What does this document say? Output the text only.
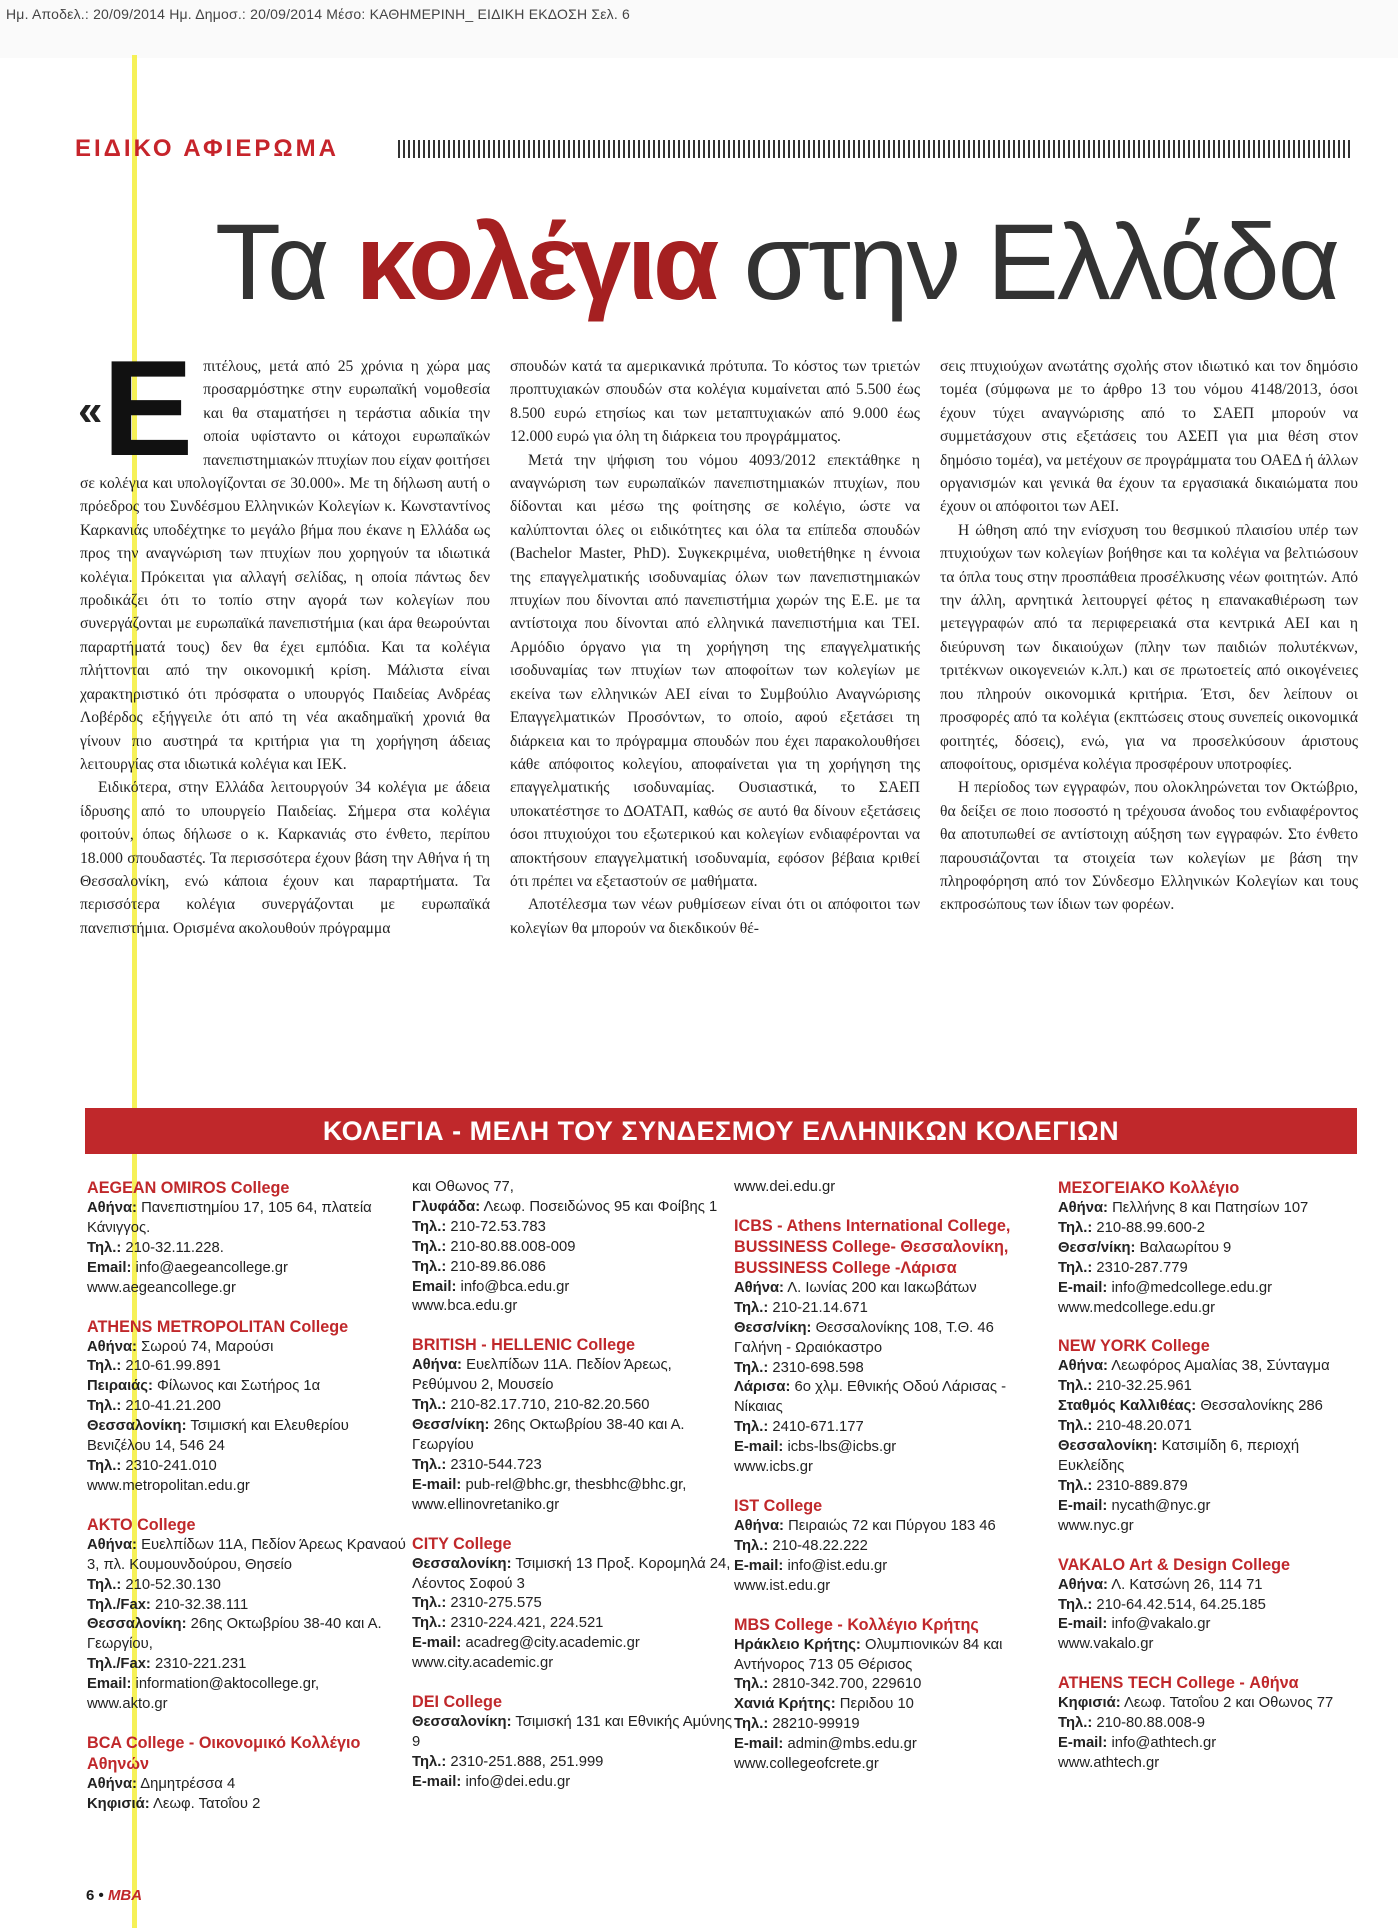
Ημ. Αποδελ.: 20/09/2014 Ημ. Δημοσ.: 20/09/2014 Μέσο: ΚΑΘΗΜΕΡΙΝΗ_ ΕΙΔΙΚΗ ΕΚΔΟΣΗ Σελ. 6
ΕΙΔΙΚΟ ΑΦΙΕΡΩΜΑ
Τα κολέγια στην Ελλάδα
« Ε πιτέλους, μετά από 25 χρόνια η χώρα μας προσαρμόστηκε στην ευρωπαϊκή νομοθεσία και θα σταματήσει η τεράστια αδικία την οποία υφίσταντο οι κάτοχοι ευρωπαϊκών πανεπιστημιακών πτυχίων που είχαν φοιτήσει σε κολέγια και υπολογίζονται σε 30.000». Με τη δήλωση αυτή ο πρόεδρος του Συνδέσμου Ελληνικών Κολεγίων κ. Κωνσταντίνος Καρκανιάς υποδέχτηκε το μεγάλο βήμα που έκανε η Ελλάδα ως προς την αναγνώριση των πτυχίων που χορηγούν τα ιδιωτικά κολέγια. Πρόκειται για αλλαγή σελίδας, η οποία πάντως δεν προδικάζει ότι το τοπίο στην αγορά των κολεγίων που συνεργάζονται με ευρωπαϊκά πανεπιστήμια (και άρα θεωρούνται παραρτήματά τους) δεν θα έχει εμπόδια. Και τα κολέγια πλήττονται από την οικονομική κρίση. Μάλιστα είναι χαρακτηριστικό ότι πρόσφατα ο υπουργός Παιδείας Ανδρέας Λοβέρδος εξήγγειλε ότι από τη νέα ακαδημαϊκή χρονιά θα γίνουν πιο αυστηρά τα κριτήρια για τη χορήγηση άδειας λειτουργίας στα ιδιωτικά κολέγια και ΙΕΚ.

Ειδικότερα, στην Ελλάδα λειτουργούν 34 κολέγια με άδεια ίδρυσης από το υπουργείο Παιδείας. Σήμερα στα κολέγια φοιτούν, όπως δήλωσε ο κ. Καρκανιάς στο ένθετο, περίπου 18.000 σπουδαστές. Τα περισσότερα έχουν βάση την Αθήνα ή τη Θεσσαλονίκη, ενώ κάποια έχουν και παραρτήματα. Τα περισσότερα κολέγια συνεργάζονται με ευρωπαϊκά πανεπιστήμια. Ορισμένα ακολουθούν πρόγραμμα

σπουδών κατά τα αμερικανικά πρότυπα. Το κόστος των τριετών προπτυχιακών σπουδών στα κολέγια κυμαίνεται από 5.500 έως 8.500 ευρώ ετησίως και των μεταπτυχιακών από 9.000 έως 12.000 ευρώ για όλη τη διάρκεια του προγράμματος.

Μετά την ψήφιση του νόμου 4093/2012 επεκτάθηκε η αναγνώριση των ευρωπαϊκών πανεπιστημιακών πτυχίων, που δίδονται και μέσω της φοίτησης σε κολέγιο, ώστε να καλύπτονται όλες οι ειδικότητες και όλα τα επίπεδα σπουδών (Bachelor Master, PhD). Συγκεκριμένα, υιοθετήθηκε η έννοια της επαγγελματικής ισοδυναμίας όλων των πανεπιστημιακών πτυχίων που δίνονται από πανεπιστήμια χωρών της Ε.Ε. με τα αντίστοιχα που δίνονται από ελληνικά πανεπιστήμια και ΤΕΙ. Αρμόδιο όργανο για τη χορήγηση της επαγγελματικής ισοδυναμίας των πτυχίων των αποφοίτων των κολεγίων με εκείνα των ελληνικών ΑΕΙ είναι το Συμβούλιο Αναγνώρισης Επαγγελματικών Προσόντων, το οποίο, αφού εξετάσει τη διάρκεια και το πρόγραμμα σπουδών που έχει παρακολουθήσει κάθε απόφοιτος κολεγίου, αποφαίνεται για τη χορήγηση της επαγγελματικής ισοδυναμίας. Ουσιαστικά, το ΣΑΕΠ υποκατέστησε το ΔΟΑΤΑΠ, καθώς σε αυτό θα δίνουν εξετάσεις όσοι πτυχιούχοι του εξωτερικού και κολεγίων ενδιαφέρονται να αποκτήσουν επαγγελματική ισοδυναμία, εφόσον βέβαια κριθεί ότι πρέπει να εξεταστούν σε μαθήματα.

Αποτέλεσμα των νέων ρυθμίσεων είναι ότι οι απόφοιτοι των κολεγίων θα μπορούν να διεκδικούν θέ-

σεις πτυχιούχων ανωτάτης σχολής στον ιδιωτικό και τον δημόσιο τομέα (σύμφωνα με το άρθρο 13 του νόμου 4148/2013, όσοι έχουν τύχει αναγνώρισης από το ΣΑΕΠ μπορούν να συμμετάσχουν στις εξετάσεις του ΑΣΕΠ για μια θέση στον δημόσιο τομέα), να μετέχουν σε προγράμματα του ΟΑΕΔ ή άλλων οργανισμών και γενικά θα έχουν τα εργασιακά δικαιώματα που έχουν οι απόφοιτοι των ΑΕΙ.

Η ώθηση από την ενίσχυση του θεσμικού πλαισίου υπέρ των πτυχιούχων των κολεγίων βοήθησε και τα κολέγια να βελτιώσουν τα όπλα τους στην προσπάθεια προσέλκυσης νέων φοιτητών. Από την άλλη, αρνητικά λειτουργεί φέτος η επανακαθιέρωση των μετεγγραφών από τα περιφερειακά στα κεντρικά ΑΕΙ και η διεύρυνση των δικαιούχων (πλην των παιδιών πολυτέκνων, τριτέκνων οικογενειών κ.λπ.) και σε πρωτοετείς από οικογένειες που πληρούν οικονομικά κριτήρια. Έτσι, δεν λείπουν οι προσφορές από τα κολέγια (εκπτώσεις στους συνεπείς οικονομικά φοιτητές, δόσεις), ενώ, για να προσελκύσουν άριστους αποφοίτους, ορισμένα κολέγια προσφέρουν υποτροφίες.

Η περίοδος των εγγραφών, που ολοκληρώνεται τον Οκτώβριο, θα δείξει σε ποιο ποσοστό η τρέχουσα άνοδος του ενδιαφέροντος θα αποτυπωθεί σε αντίστοιχη αύξηση των εγγραφών. Στο ένθετο παρουσιάζονται τα στοιχεία των κολεγίων με βάση την πληροφόρηση από τον Σύνδεσμο Ελληνικών Κολεγίων και τους εκπροσώπους των ίδιων των φορέων.

ΚΟΛΕΓΙΑ - ΜΕΛΗ ΤΟΥ ΣΥΝΔΕΣΜΟΥ ΕΛΛΗΝΙΚΩΝ ΚΟΛΕΓΙΩΝ
AEGEAN OMIROS College
Αθήνα: Πανεπιστημίου 17, 105 64, πλατεία Κάνιγγος.
Τηλ.: 210-32.11.228.
Email: info@aegeancollege.gr
www.aegeancollege.gr
ATHENS METROPOLITAN College
Αθήνα: Σωρού 74, Μαρούσι
Τηλ.: 210-61.99.891
Πειραιάς: Φίλωνος και Σωτήρος 1α
Τηλ.: 210-41.21.200
Θεσσαλονίκη: Τσιμισκή και Ελευθερίου Βενιζέλου 14, 546 24
Τηλ.: 2310-241.010
www.metropolitan.edu.gr
AKTO College
Αθήνα: Ευελπίδων 11Α, Πεδίον Άρεως Κραναού 3, πλ. Κουμουνδούρου, Θησείο
Τηλ.: 210-52.30.130
Τηλ./Fax: 210-32.38.111
Θεσσαλονίκη: 26ης Οκτωβρίου 38-40 και Α. Γεωργίου,
Τηλ./Fax: 2310-221.231
Email: information@aktocollege.gr,
www.akto.gr
BCA College - Οικονομικό Κολλέγιο Αθηνών
Αθήνα: Δημητρέσσα 4
Κηφισιά: Λεωφ. Τατοΐου 2
και Οθωνος 77,
Γλυφάδα: Λεωφ. Ποσειδώνος 95 και Φοίβης 1
Τηλ.: 210-72.53.783
Τηλ.: 210-80.88.008-009
Τηλ.: 210-89.86.086
Email: info@bca.edu.gr
www.bca.edu.gr
BRITISH - HELLENIC College
Αθήνα: Ευελπίδων 11Α. Πεδίον Άρεως, Ρεθύμνου 2, Μουσείο
Τηλ.: 210-82.17.710, 210-82.20.560
Θεσσ/νίκη: 26ης Οκτωβρίου 38-40 και Α. Γεωργίου
Τηλ.: 2310-544.723
E-mail: pub-rel@bhc.gr, thesbhc@bhc.gr, www.ellinovretaniko.gr
CITY College
Θεσσαλονίκη: Τσιμισκή 13 Προξ. Κορομηλά 24, Λέοντος Σοφού 3
Τηλ.: 2310-275.575
Τηλ.: 2310-224.421, 224.521
E-mail: acadreg@city.academic.gr
www.city.academic.gr
DEI College
Θεσσαλονίκη: Τσιμισκή 131 και Εθνικής Αμύνης 9
Τηλ.: 2310-251.888, 251.999
E-mail: info@dei.edu.gr
www.dei.edu.gr
ICBS - Athens International College, BUSSINESS College- Θεσσαλονίκη, BUSSINESS College -Λάρισα
Αθήνα: Λ. Ιωνίας 200 και Ιακωβάτων
Τηλ.: 210-21.14.671
Θεσσ/νίκη: Θεσσαλονίκης 108, Τ.Θ. 46 Γαλήνη - Ωραιόκαστρο
Τηλ.: 2310-698.598
Λάρισα: 6ο χλμ. Εθνικής Οδού Λάρισας - Νίκαιας
Τηλ.: 2410-671.177
E-mail: icbs-lbs@icbs.gr
www.icbs.gr
IST College
Αθήνα: Πειραιώς 72 και Πύργου 183 46
Τηλ.: 210-48.22.222
E-mail: info@ist.edu.gr
www.ist.edu.gr
MBS College - Κολλέγιο Κρήτης
Ηράκλειο Κρήτης: Ολυμπιονικών 84 και Αντήνορος 713 05 Θέρισος
Τηλ.: 2810-342.700, 229610
Χανιά Κρήτης: Περιδου 10
Τηλ.: 28210-99919
E-mail: admin@mbs.edu.gr
www.collegeofcrete.gr
ΜΕΣΟΓΕΙΑΚΟ Κολλέγιο
Αθήνα: Πελλήνης 8 και Πατησίων 107
Τηλ.: 210-88.99.600-2
Θεσσ/νίκη: Βαλαωρίτου 9
Τηλ.: 2310-287.779
E-mail: info@medcollege.edu.gr
www.medcollege.edu.gr
NEW YORK College
Αθήνα: Λεωφόρος Αμαλίας 38, Σύνταγμα
Τηλ.: 210-32.25.961
Σταθμός Καλλιθέας: Θεσσαλονίκης 286
Τηλ.: 210-48.20.071
Θεσσαλονίκη: Κατσιμίδη 6, περιοχή Ευκλείδης
Τηλ.: 2310-889.879
E-mail: nycath@nyc.gr
www.nyc.gr
VAKALO Art & Design College
Αθήνα: Λ. Κατσώνη 26, 114 71
Τηλ.: 210-64.42.514, 64.25.185
E-mail: info@vakalo.gr
www.vakalo.gr
ATHENS TECH College - Αθήνα
Κηφισιά: Λεωφ. Τατοΐου 2 και Οθωνος 77
Τηλ.: 210-80.88.008-9
E-mail: info@athtech.gr
www.athtech.gr
6 • MBA
